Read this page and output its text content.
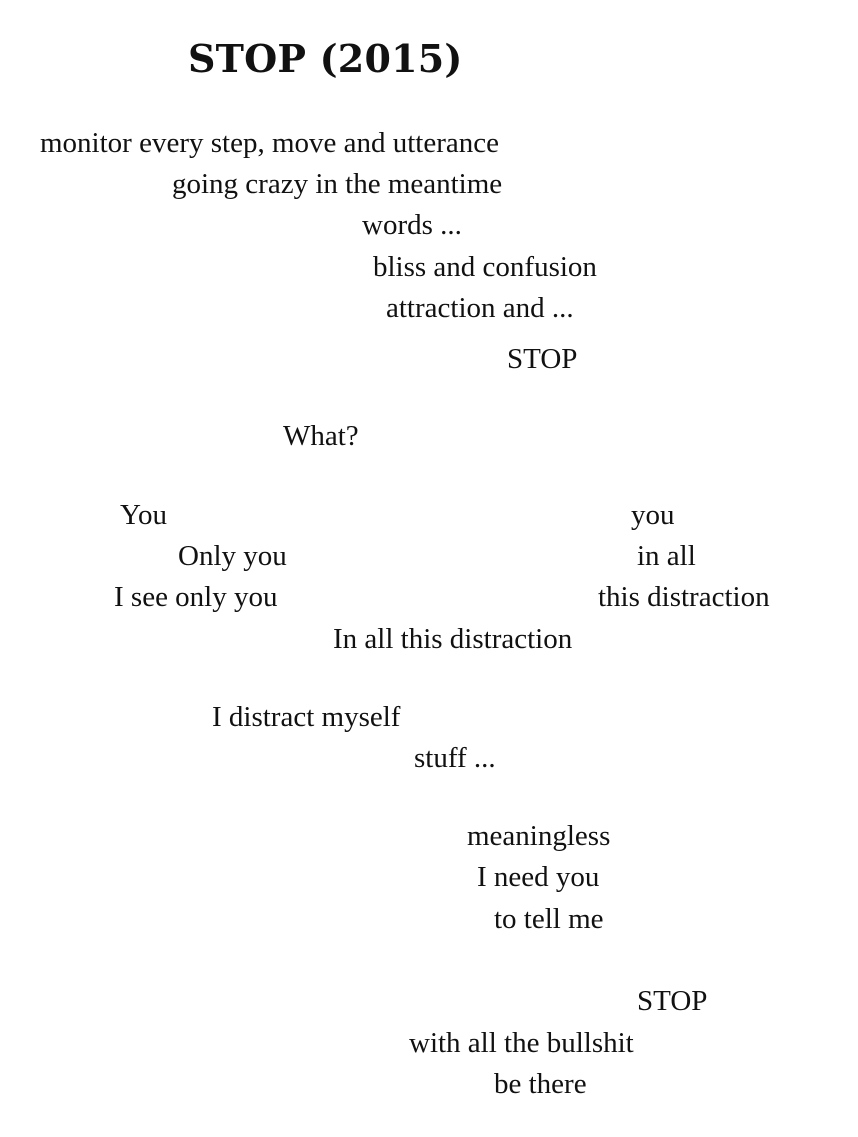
STOP (2015)
monitor every step, move and utterance
going crazy in the meantime
words ...
bliss and confusion
attraction and ...
STOP
What?
You	you
Only you	in all
I see only you	this distraction
In all this distraction
I distract myself
stuff ...
meaningless
I need you
to tell me
STOP
with all the bullshit
be there
